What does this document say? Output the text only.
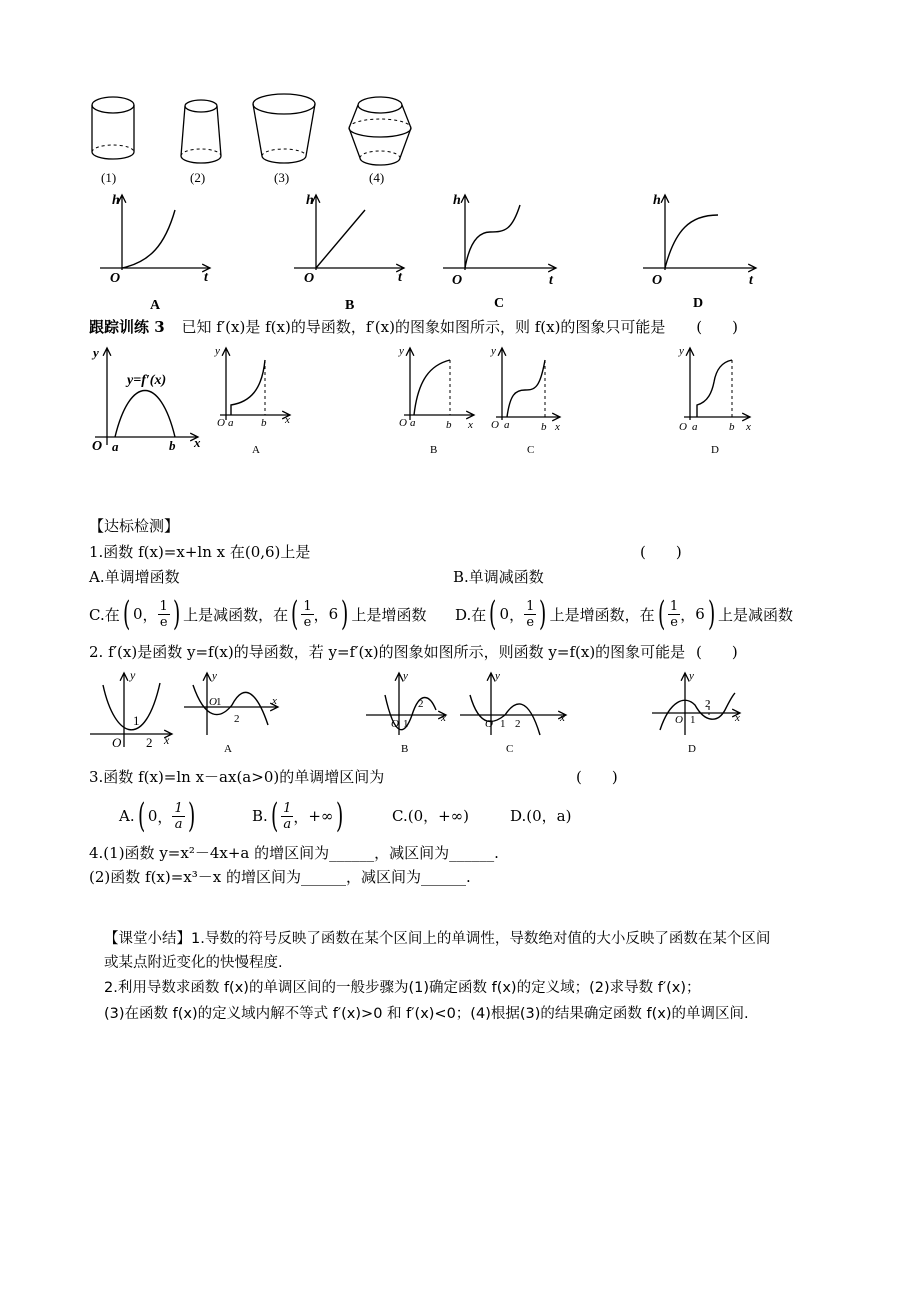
(1)	(2)	(3)	(4)
h
t
O
A
h
t
O
B
h
t
O
C
h
t
O
D
跟踪训练 3 已知 f′(x)是 f(x)的导函数，f′(x)的图象如图所示，则 f(x)的图象只可能是 (　　)
y
y=f′(x)
O a	b x
y
O a	b x
A
y
O a	b x
B
y
O a	b x
C
y
O a	b x
D
【达标检测】
1.函数 f(x)=x+ln x 在(0,6)上是	(　　)
A.单调增函数	B.单调减函数
C.在 ( 0 ， $\frac{1}{e}$ ) 上是减函数，在 ( $\frac{1}{e}$ ， 6 ) 上是增函数 D.在 ( 0 ， $\frac{1}{e}$ ) 上是增函数，在 ( $\frac{1}{e}$ ， 6 ) 上是减函数
2. f′(x)是函数 y=f(x)的导函数，若 y=f′(x)的图象如图所示，则函数 y=f(x)的图象可能是 (　　)
y
1
O 2 x
y
O 1
2
x
A
y
O 1
2
x
B
y
O 1 2	x
C
y
O 1
2
x
D
3.函数 f(x)=ln x－ax(a>0)的单调增区间为	(　　)
A. ( 0 ， $\frac{1}{a}$ )	B. ( $\frac{1}{a}$ ， +∞ )	C.(0，+∞)	D.(0，a)
4.(1)函数 y=x²－4x+a 的增区间为______，减区间为______.
(2)函数 f(x)=x³－x 的增区间为______，减区间为______.
【课堂小结】1.导数的符号反映了函数在某个区间上的单调性，导数绝对值的大小反映了函数在某个区间
或某点附近变化的快慢程度.
2.利用导数求函数 f(x)的单调区间的一般步骤为(1)确定函数 f(x)的定义域；(2)求导数 f′(x)；
(3)在函数 f(x)的定义域内解不等式 f′(x)>0 和 f′(x)<0；(4)根据(3)的结果确定函数 f(x)的单调区间.
